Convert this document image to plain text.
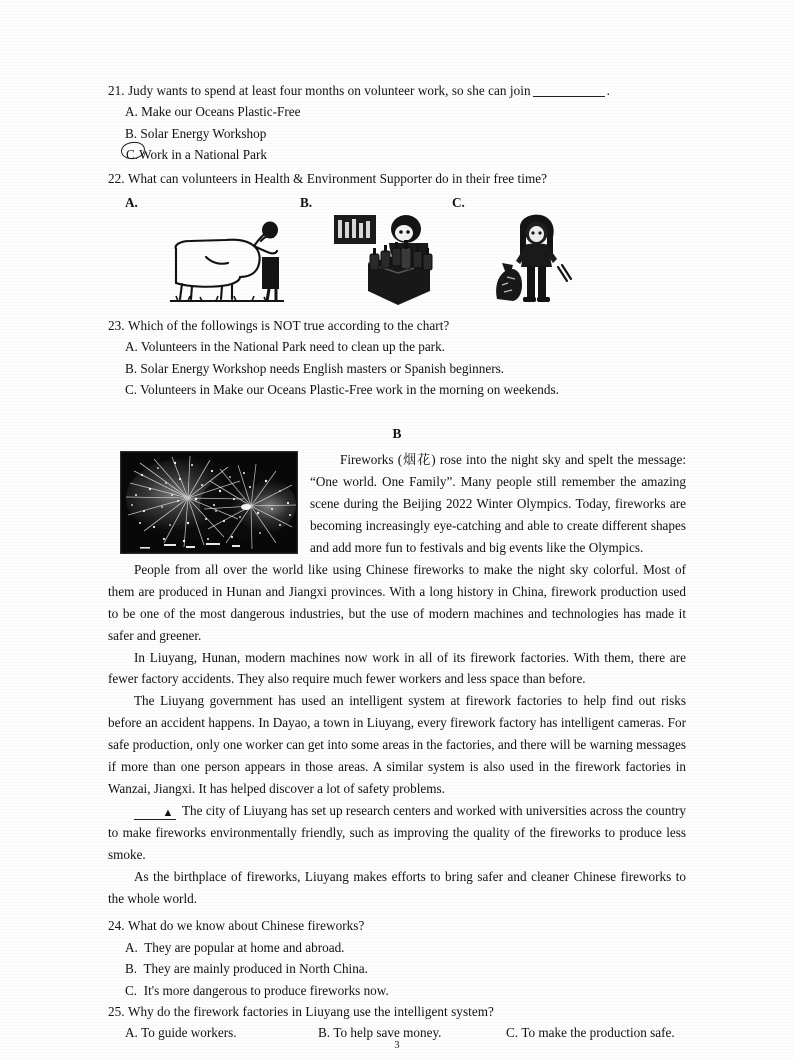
21. Judy wants to spend at least four months on volunteer work, so she can join	.
A. Make our Oceans Plastic-Free
B. Solar Energy Workshop
C.Work in a National Park
22. What can volunteers in Health & Environment Supporter do in their free time?
A.	B.	C.
23. Which of the followings is NOT true according to the chart?
A. Volunteers in the National Park need to clean up the park.
B. Solar Energy Workshop needs English masters or Spanish beginners.
C. Volunteers in Make our Oceans Plastic-Free work in the morning on weekends.
B

Fireworks (烟花) rose into the night sky and spelt the message: “One world. One Family”. Many people still remember the amazing scene during the Beijing 2022 Winter Olympics. Today, fireworks are becoming increasingly eye-catching and able to create different shapes and add more fun to festivals and big events like the Olympics.

People from all over the world like using Chinese fireworks to make the night sky colorful. Most of them are produced in Hunan and Jiangxi provinces. With a long history in China, firework production used to be one of the most dangerous industries, but the use of modern machines and technologies has made it safer and greener.

In Liuyang, Hunan, modern machines now work in all of its firework factories. With them, there are fewer factory accidents. They also require much fewer workers and less space than before.

The Liuyang government has used an intelligent system at firework factories to help find out risks before an accident happens. In Dayao, a town in Liuyang, every firework factory has intelligent cameras. For safe production, only one worker can get into some areas in the factories, and there will be warning messages if more than one person appears in those areas. A similar system is also used in the firework factories in Wanzai, Jiangxi. It has helped discover a lot of safety problems.

▲ The city of Liuyang has set up research centers and worked with universities across the country to make fireworks environmentally friendly, such as improving the quality of the fireworks to produce less smoke.

As the birthplace of fireworks, Liuyang makes efforts to bring safer and cleaner Chinese fireworks to the whole world.

24. What do we know about Chinese fireworks?
A. They are popular at home and abroad.
B. They are mainly produced in North China.
C. It's more dangerous to produce fireworks now.
25. Why do the firework factories in Liuyang use the intelligent system?
A. To guide workers.	B. To help save money.	C. To make the production safe.
3
